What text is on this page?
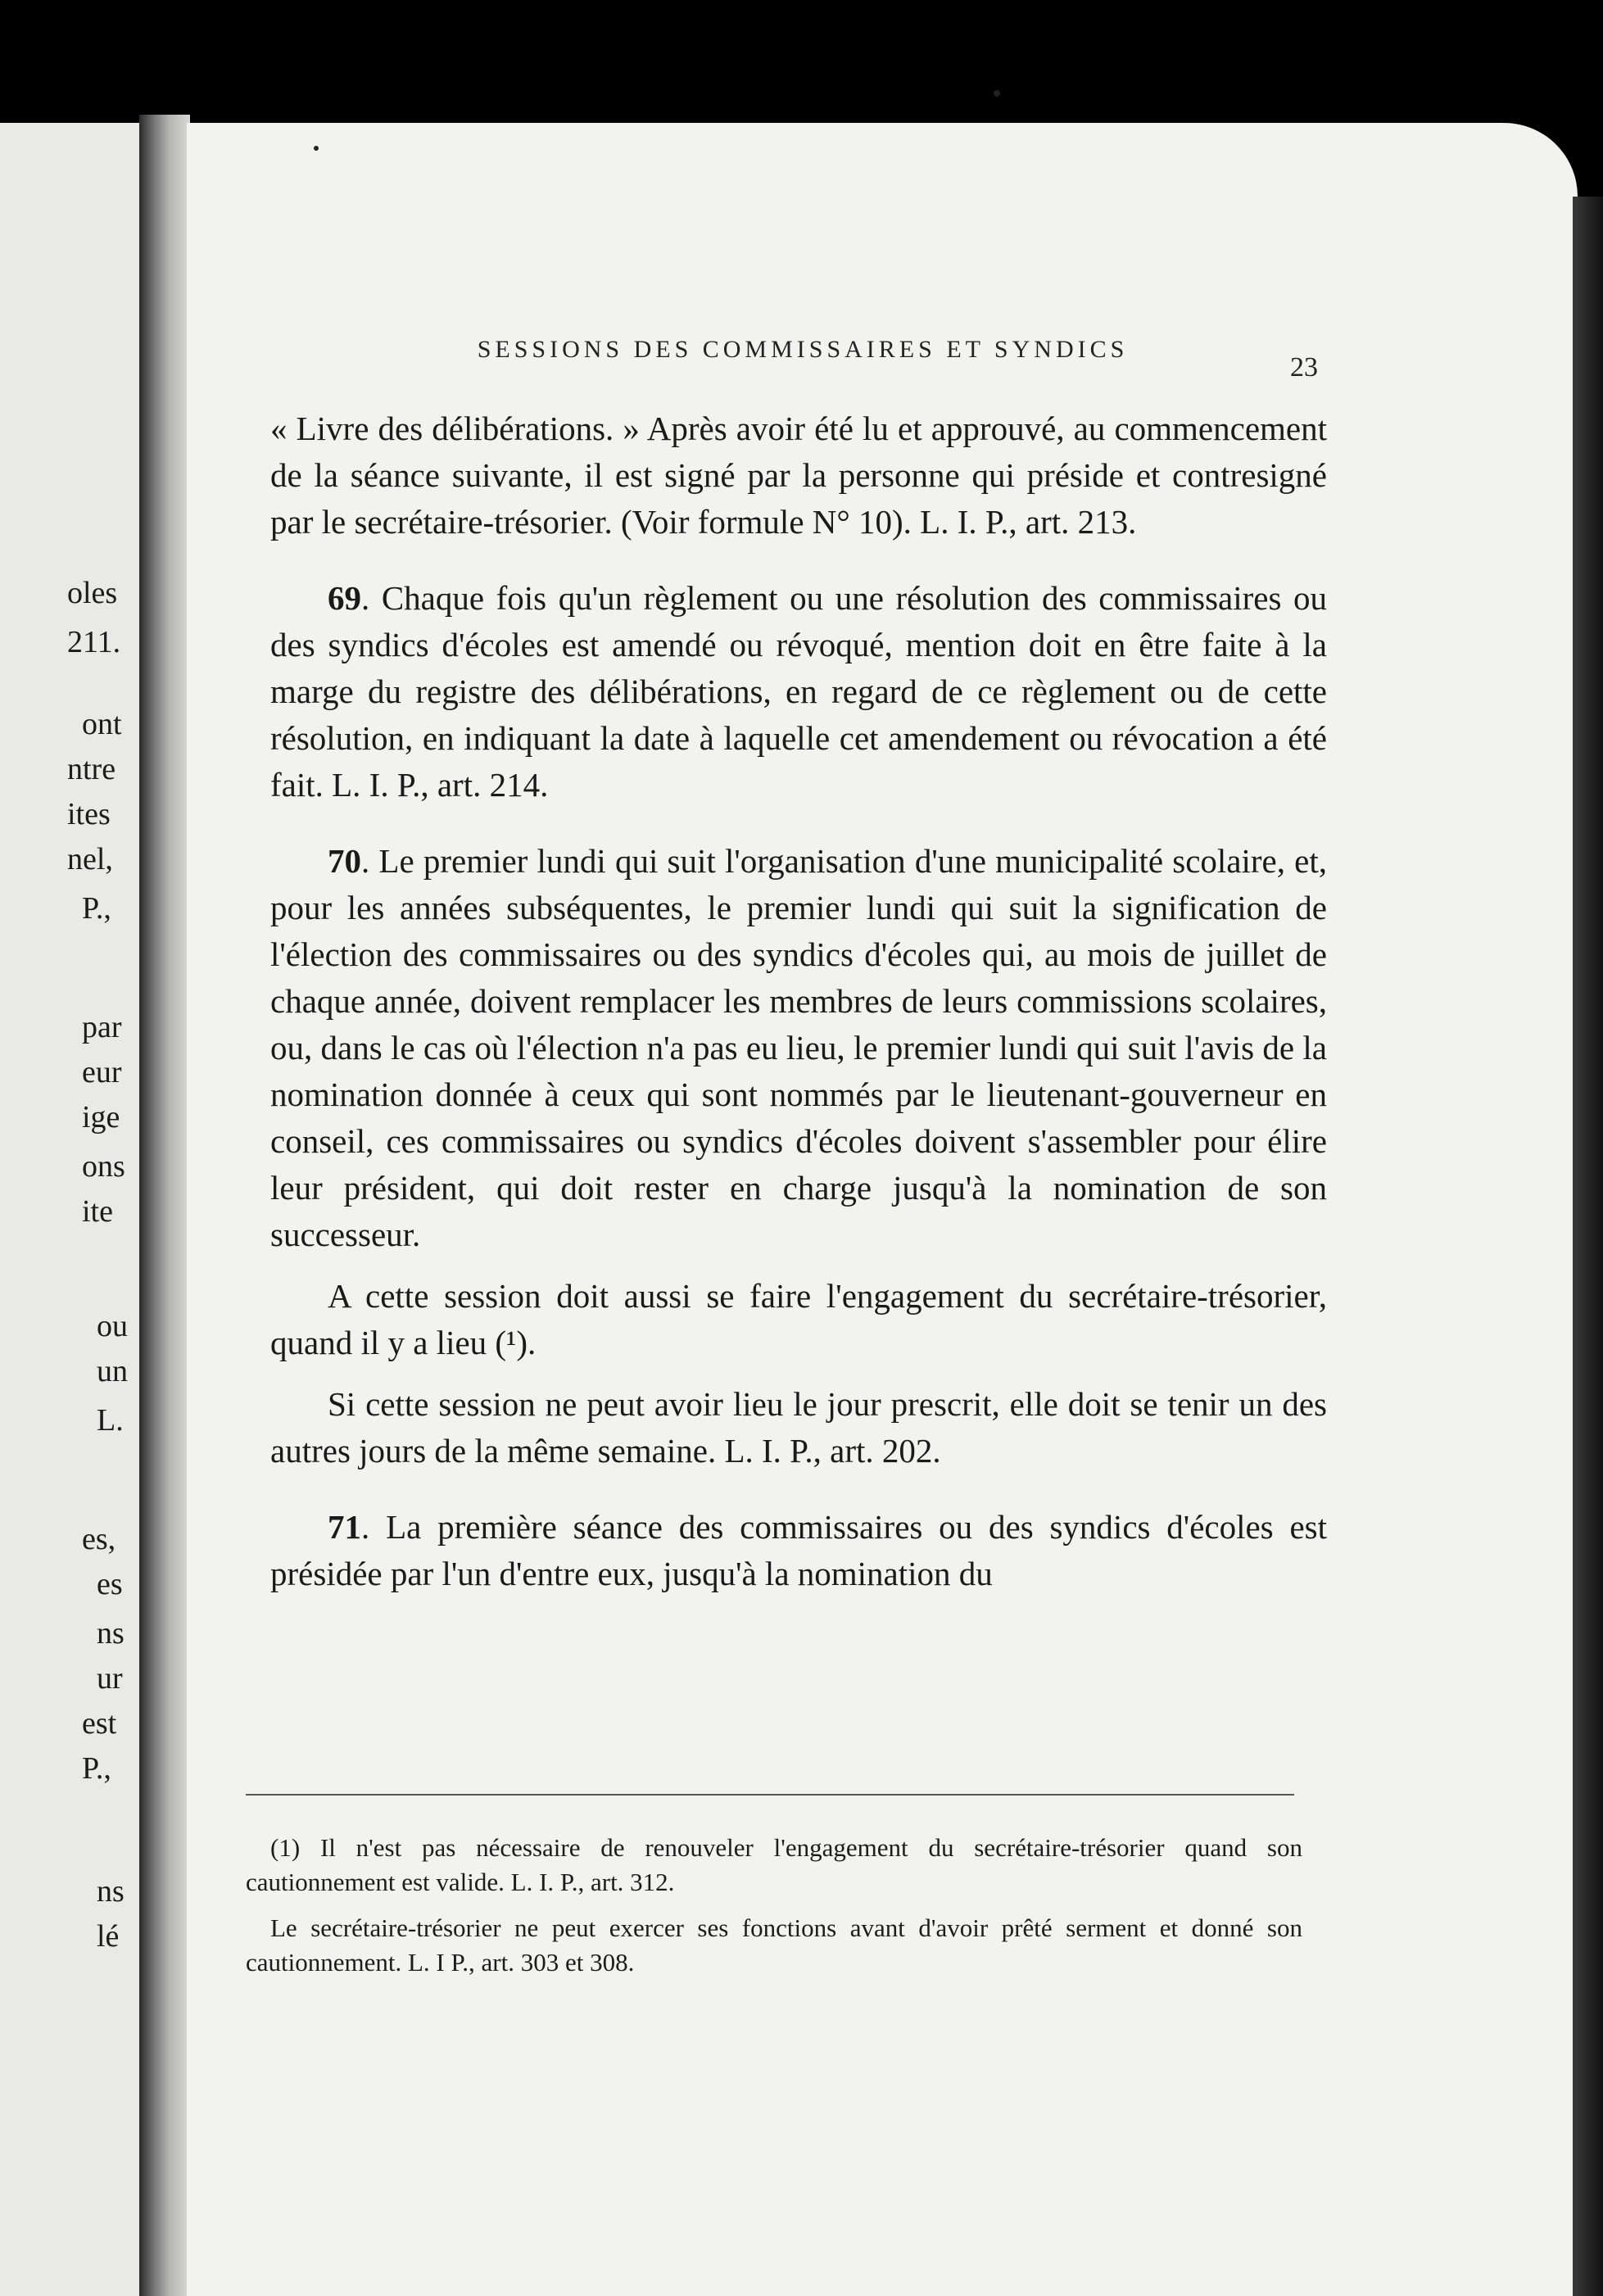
oles
211.
ont
ntre
ites
nel,
P.,
par
eur
ige
ons
ite
ou
un
L.
es,
es
ns
ur
est
P.,
ns
lé
SESSIONS DES COMMISSAIRES ET SYNDICS
23

« Livre des délibérations. » Après avoir été lu et approuvé, au commencement de la séance suivante, il est signé par la personne qui préside et contresigné par le secrétaire-trésorier. (Voir formule N° 10). L. I. P., art. 213.

69. Chaque fois qu'un règlement ou une résolution des commissaires ou des syndics d'écoles est amendé ou révoqué, mention doit en être faite à la marge du registre des délibérations, en regard de ce règlement ou de cette résolution, en indiquant la date à laquelle cet amendement ou révocation a été fait. L. I. P., art. 214.

70. Le premier lundi qui suit l'organisation d'une municipalité scolaire, et, pour les années subséquentes, le premier lundi qui suit la signification de l'élection des commissaires ou des syndics d'écoles qui, au mois de juillet de chaque année, doivent remplacer les membres de leurs commissions scolaires, ou, dans le cas où l'élection n'a pas eu lieu, le premier lundi qui suit l'avis de la nomination donnée à ceux qui sont nommés par le lieutenant-gouverneur en conseil, ces commissaires ou syndics d'écoles doivent s'assembler pour élire leur président, qui doit rester en charge jusqu'à la nomination de son successeur.

A cette session doit aussi se faire l'engagement du secrétaire-trésorier, quand il y a lieu (¹).

Si cette session ne peut avoir lieu le jour prescrit, elle doit se tenir un des autres jours de la même semaine. L. I. P., art. 202.

71. La première séance des commissaires ou des syndics d'écoles est présidée par l'un d'entre eux, jusqu'à la nomination du

(1) Il n'est pas nécessaire de renouveler l'engagement du secrétaire-trésorier quand son cautionnement est valide. L. I. P., art. 312.

Le secrétaire-trésorier ne peut exercer ses fonctions avant d'avoir prêté serment et donné son cautionnement. L. I P., art. 303 et 308.
